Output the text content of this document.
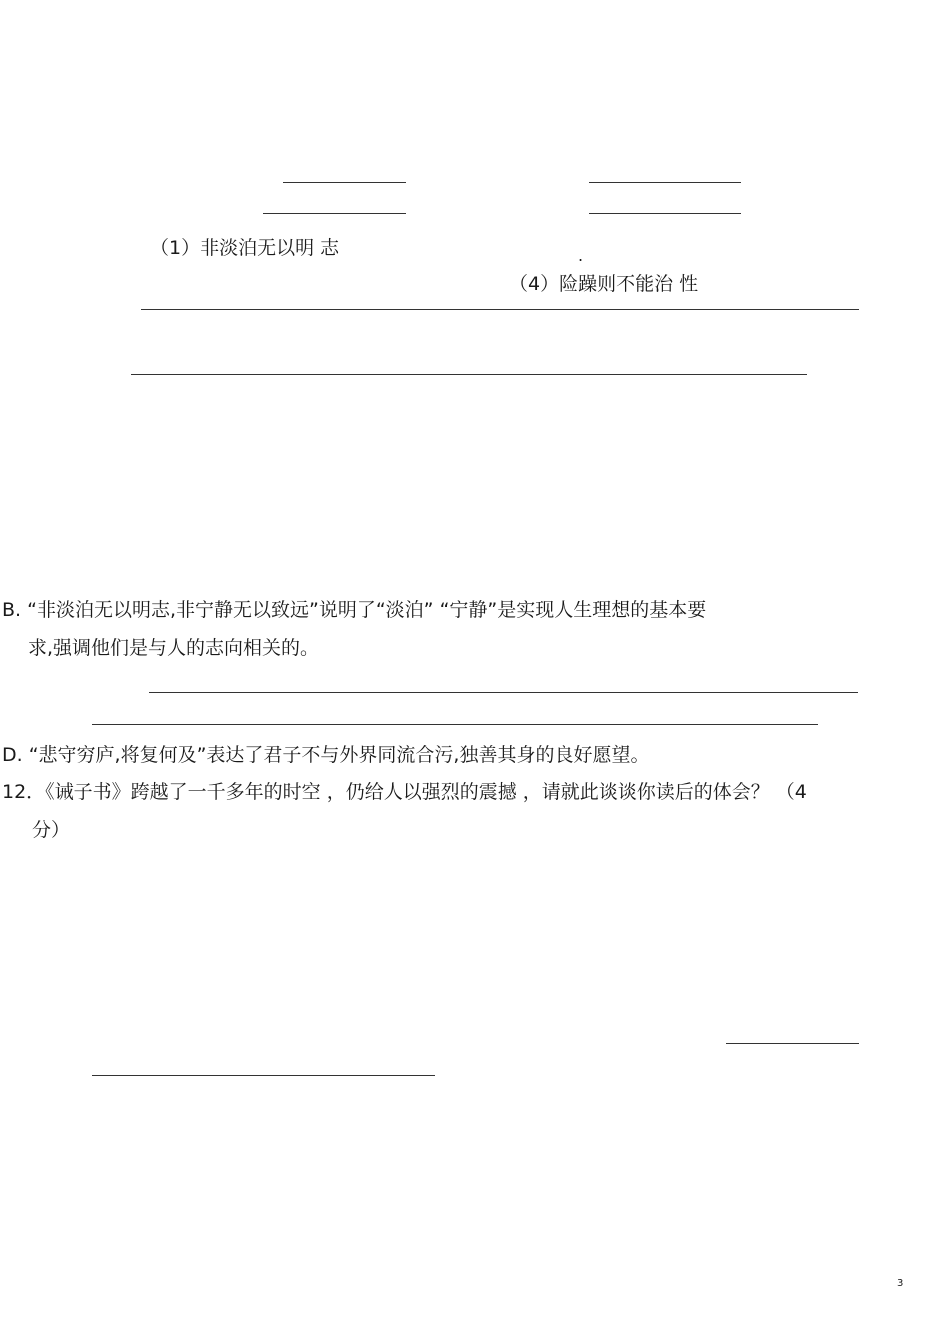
（1）非淡泊无以明 志	.
（4）险躁则不能治 性
B. “非淡泊无以明志,非宁静无以致远”说明了“淡泊” “宁静”是实现人生理想的基本要
求,强调他们是与人的志向相关的。
D. “悲守穷庐,将复何及”表达了君子不与外界同流合污,独善其身的良好愿望。
12．《诫子书》跨越了一千多年的时空 ，仍给人以强烈的震撼 ，请就此谈谈你读后的体会？ （4
分）
3
